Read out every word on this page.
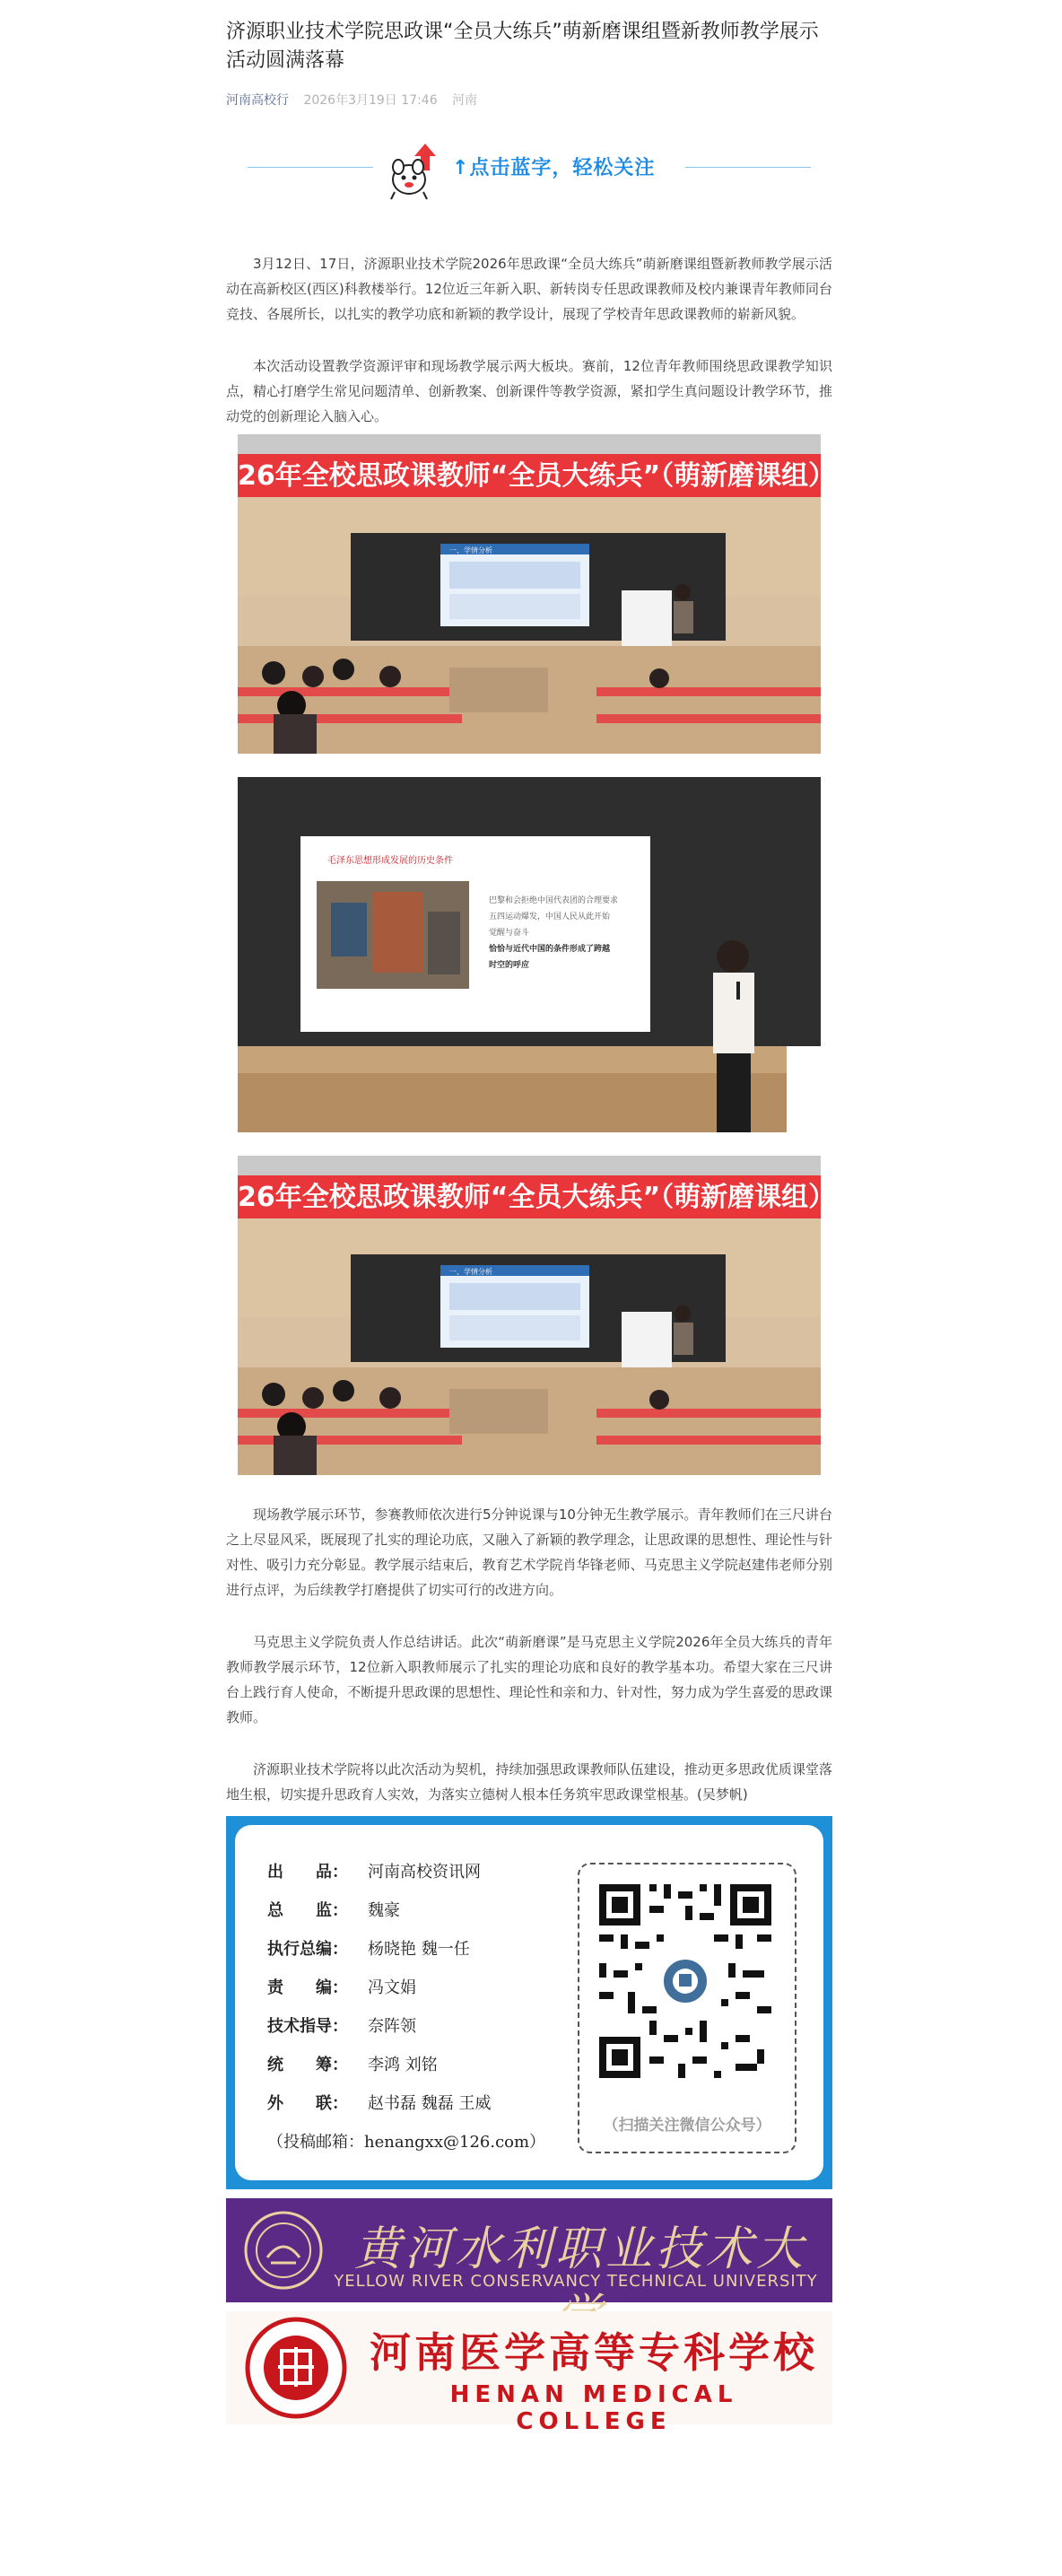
济源职业技术学院思政课“全员大练兵”萌新磨课组暨新教师教学展示活动圆满落幕
河南高校行 2026年3月19日 17:46 河南
↑点击蓝字，轻松关注

3月12日、17日，济源职业技术学院2026年思政课“全员大练兵”萌新磨课组暨新教师教学展示活动在高新校区(西区)科教楼举行。12位近三年新入职、新转岗专任思政课教师及校内兼课青年教师同台竞技、各展所长，以扎实的教学功底和新颖的教学设计，展现了学校青年思政课教师的崭新风貌。

本次活动设置教学资源评审和现场教学展示两大板块。赛前，12位青年教师围绕思政课教学知识点，精心打磨学生常见问题清单、创新教案、创新课件等教学资源，紧扣学生真问题设计教学环节，推动党的创新理论入脑入心。

26年全校思政课教师“全员大练兵”（萌新磨课组）暨新教师教学展示
一、学情分析
毛泽东思想形成发展的历史条件
巴黎和会拒绝中国代表团的合理要求
五四运动爆发，中国人民从此开始
觉醒与奋斗
恰恰与近代中国的条件形成了跨越
时空的呼应
26年全校思政课教师“全员大练兵”（萌新磨课组）暨新教师教学展示
一、学情分析

现场教学展示环节，参赛教师依次进行5分钟说课与10分钟无生教学展示。青年教师们在三尺讲台之上尽显风采，既展现了扎实的理论功底，又融入了新颖的教学理念，让思政课的思想性、理论性与针对性、吸引力充分彰显。教学展示结束后，教育艺术学院肖华锋老师、马克思主义学院赵建伟老师分别进行点评，为后续教学打磨提供了切实可行的改进方向。

马克思主义学院负责人作总结讲话。此次“萌新磨课”是马克思主义学院2026年全员大练兵的青年教师教学展示环节，12位新入职教师展示了扎实的理论功底和良好的教学基本功。希望大家在三尺讲台上践行育人使命，不断提升思政课的思想性、理论性和亲和力、针对性，努力成为学生喜爱的思政课教师。

济源职业技术学院将以此次活动为契机，持续加强思政课教师队伍建设，推动更多思政优质课堂落地生根，切实提升思政育人实效，为落实立德树人根本任务筑牢思政课堂根基。(吴梦帆)

出　　品： 河南高校资讯网
总　　监： 魏豪
执行总编： 杨晓艳 魏一任
责　　编： 冯文娟
技术指导： 奈阵领
统　　筹： 李鸿 刘铭
外　　联： 赵书磊 魏磊 王威
（投稿邮箱：henangxx@126.com）
（扫描关注微信公众号）
黄河水利职业技术大
YELLOW RIVER CONSERVANCY TECHNICAL UNIVERSITY
河南医学高等专科学校
HENAN MEDICAL COLLEGE
